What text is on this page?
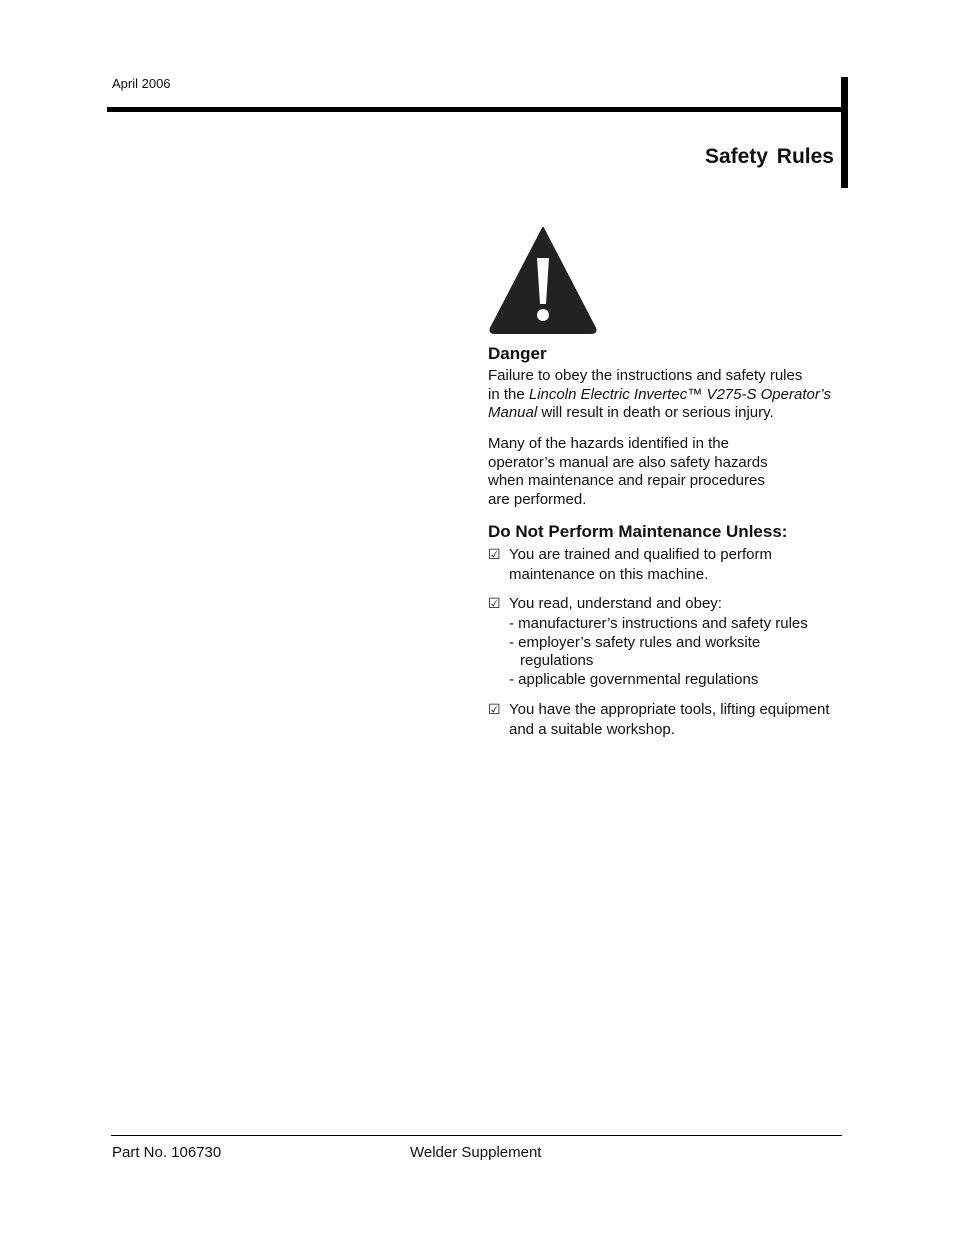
April 2006
Safety Rules
Danger
Failure to obey the instructions and safety rules
in the Lincoln Electric Invertec™ V275-S Operator’s
Manual will result in death or serious injury.
Many of the hazards identified in the
operator’s manual are also safety hazards
when maintenance and repair procedures
are performed.
Do Not Perform Maintenance Unless:
☑ You are trained and qualified to perform
maintenance on this machine.
☑ You read, understand and obey:
- manufacturer’s instructions and safety rules
- employer’s safety rules and worksite
regulations
- applicable governmental regulations
☑ You have the appropriate tools, lifting equipment
and a suitable workshop.
Part No. 106730	Welder Supplement
